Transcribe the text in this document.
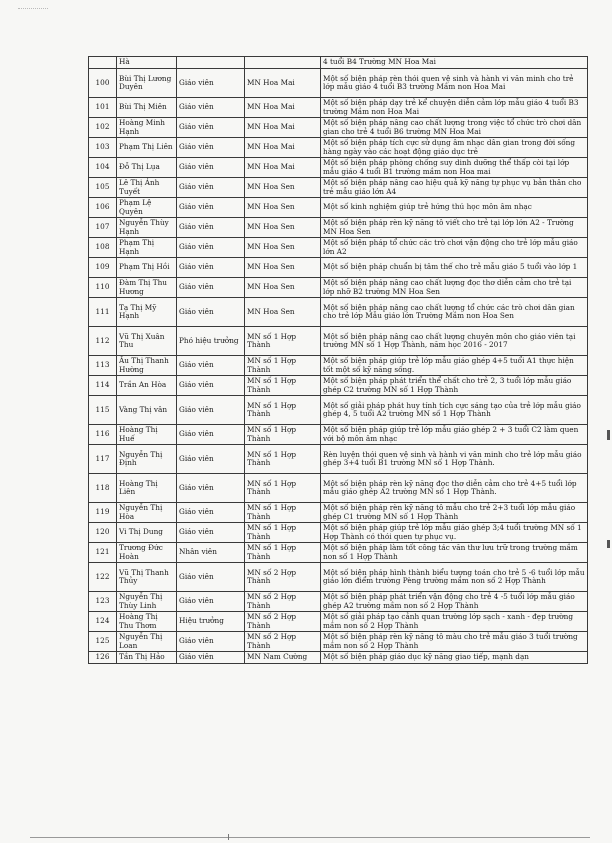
	Hà			4 tuổi B4 Trường MN Hoa Mai
100	Bùi Thị Lương Duyên	Giáo viên	MN Hoa Mai	Một số biện pháp rèn thói quen vệ sinh và hành vi văn minh cho trẻ lớp mẫu giáo 4 tuổi B3 trường Mầm non Hoa Mai
101	Bùi Thị Miên	Giáo viên	MN Hoa Mai	Một số biện pháp dạy trẻ kể chuyện diễn cảm lớp mẫu giáo 4 tuổi B3 trường Mầm non Hoa Mai
102	Hoàng Minh Hạnh	Giáo viên	MN Hoa Mai	Một số biện pháp nâng cao chất lượng trong việc tổ chức trò chơi dân gian cho trẻ 4 tuổi B6 trường MN Hoa Mai
103	Phạm Thị Liên	Giáo viên	MN Hoa Mai	Một số biện pháp tích cực sử dụng âm nhạc dân gian trong đời sống hàng ngày vào các hoạt động giáo dục trẻ
104	Đỗ Thị Lụa	Giáo viên	MN Hoa Mai	Một số biện pháp phòng chống suy dinh dưỡng thể thấp còi tại lớp mẫu giáo 4 tuổi B1 trường mầm non Hoa mai
105	Lê Thị Ánh Tuyết	Giáo viên	MN Hoa Sen	Một số biện pháp nâng cao hiệu quả kỹ năng tự phục vụ bản thân cho trẻ mẫu giáo lớn A4
106	Phạm Lệ Quyên	Giáo viên	MN Hoa Sen	Một số kinh nghiệm giúp trẻ hứng thú học môn âm nhạc
107	Nguyễn Thùy Hạnh	Giáo viên	MN Hoa Sen	Một số biện pháp rèn kỹ năng tô viết cho trẻ tại lớp lớn A2 - Trường MN Hoa Sen
108	Phạm Thị Hạnh	Giáo viên	MN Hoa Sen	Một số biện pháp tổ chức các trò chơi vận động cho trẻ lớp mẫu giáo lớn A2
109	Phạm Thị Hồi	Giáo viên	MN Hoa Sen	Một số biện pháp chuẩn bị tâm thế cho trẻ mẫu giáo 5 tuổi vào lớp 1
110	Đàm Thị Thu Hương	Giáo viên	MN Hoa Sen	Một số biện pháp nâng cao chất lượng đọc thơ diễn cảm cho trẻ tại lớp nhỡ B2 trường MN Hoa Sen
111	Tạ Thị Mỹ Hạnh	Giáo viên	MN Hoa Sen	Một số biện pháp nâng cao chất lượng tổ chức các trò chơi dân gian cho trẻ lớp Mẫu giáo lớn Trường Mầm non Hoa Sen
112	Vũ Thị Xuân Thu	Phó hiệu trưởng	MN số 1 Hợp Thành	Một số biện pháp nâng cao chất lượng chuyên môn cho giáo viên tại trường MN số 1 Hợp Thành, năm học 2016 - 2017
113	Âu Thị Thanh Hường	Giáo viên	MN số 1 Hợp Thành	Một số biện pháp giúp trẻ lớp mẫu giáo ghép 4+5 tuổi A1 thực hiện tốt một số kỹ năng sống.
114	Trần An Hòa	Giáo viên	MN số 1 Hợp Thành	Một số biện pháp phát triển thể chất cho trẻ 2, 3 tuổi lớp mẫu giáo ghép C2 trường MN số 1 Hợp Thành
115	Vàng Thị vân	Giáo viên	MN số 1 Hợp Thành	Một số giải pháp phát huy tính tích cực sáng tạo của trẻ lớp mẫu giáo ghép 4, 5 tuổi A2 trường MN số 1 Hợp Thành
116	Hoàng Thị Huế	Giáo viên	MN số 1 Hợp Thành	Một số biện pháp giúp trẻ lớp mẫu giáo ghép 2 + 3 tuổi C2 làm quen với bộ môn âm nhạc
117	Nguyễn Thị Định	Giáo viên	MN số 1 Hợp Thành	Rèn luyện thói quen vệ sinh và hành vi văn minh cho trẻ lớp mẫu giáo ghép 3+4 tuổi B1 trường MN số 1 Hợp Thành.
118	Hoàng Thị Liên	Giáo viên	MN số 1 Hợp Thành	Một số biện pháp rèn kỹ năng đọc thơ diễn cảm cho trẻ 4+5 tuổi lớp mẫu giáo ghép A2 trường MN số 1 Hợp Thành.
119	Nguyễn Thị Hòa	Giáo viên	MN số 1 Hợp Thành	Một số biện pháp rèn kỹ năng tô mẫu cho trẻ 2+3 tuổi lớp mẫu giáo ghép C1 trường MN số 1 Hợp Thành
120	Vi Thị Dung	Giáo viên	MN số 1 Hợp Thành	Một số biện pháp giúp trẻ lớp mẫu giáo ghép 3;4 tuổi trường MN số 1 Hợp Thành có thói quen tự phục vụ.
121	Trương Đức Hoàn	Nhân viên	MN số 1 Hợp Thành	Một số biện pháp làm tốt công tác văn thư lưu trữ trong trường mầm non số 1 Hợp Thành
122	Vũ Thị Thanh Thủy	Giáo viên	MN số 2 Hợp Thành	Một số biện pháp hình thành biểu tượng toán cho trẻ 5 -6 tuổi lớp mẫu giáo lớn điểm trường Pèng trường mầm non số 2 Hợp Thành
123	Nguyễn Thị Thùy Linh	Giáo viên	MN số 2 Hợp Thành	Một số biện pháp phát triển vận động cho trẻ 4 -5 tuổi lớp mẫu giáo ghép A2 trường mầm non số 2 Hợp Thành
124	Hoàng Thị Thu Thơm	Hiệu trưởng	MN số 2 Hợp Thành	Một số giải pháp tạo cảnh quan trường lớp sạch - xanh - đẹp trường mầm non số 2 Hợp Thành
125	Nguyễn Thị Loan	Giáo viên	MN số 2 Hợp Thành	Một số biện pháp rèn kỹ năng tô màu cho trẻ mẫu giáo 3 tuổi trường mầm non số 2 Hợp Thành
126	Tần Thị Hảo	Giáo viên	MN Nam Cường	Một số biện pháp giáo dục kỹ năng giao tiếp, mạnh dạn
